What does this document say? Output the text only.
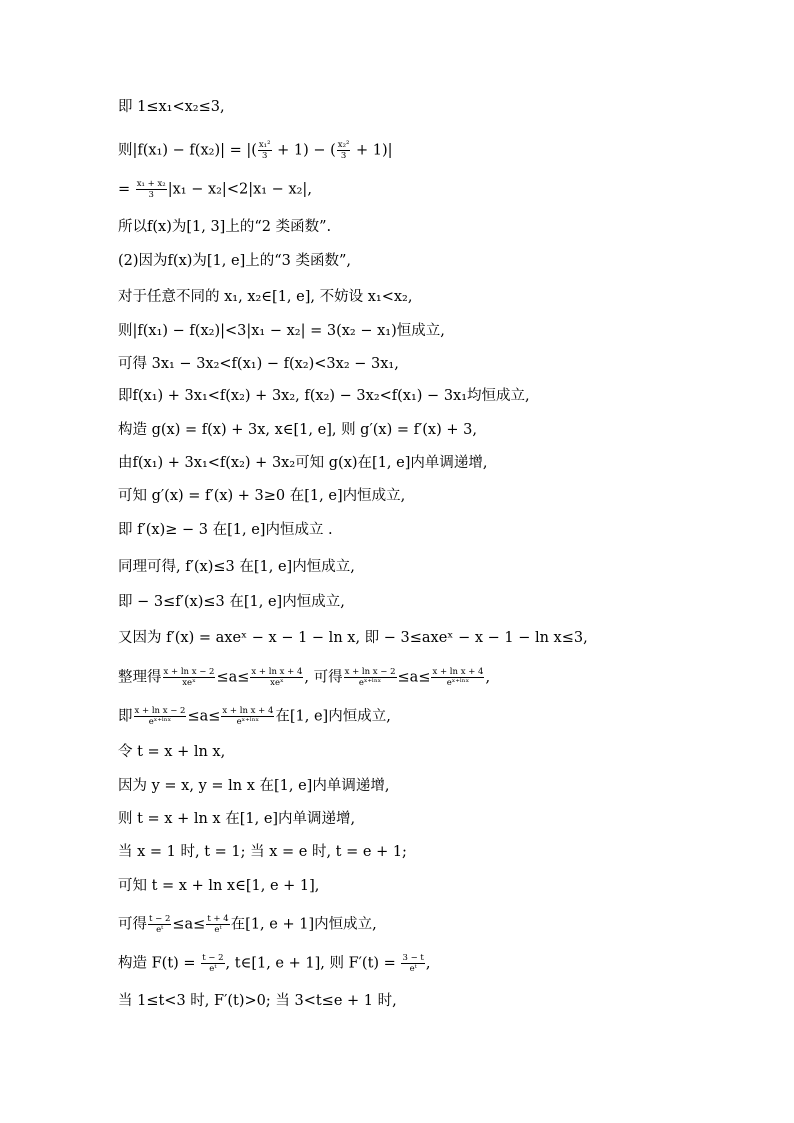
即 1≤x₁<x₂≤3,
则|f(x₁) − f(x₂)| = |( $\frac{\text{x₁²}}{3} + 1$) − ( $\frac{\text{x₂²}}{3} + 1)|$
= $\frac{\text{x₁ + x₂}}{3} |x_1 - x_2|<2|x_1 - x_2|$,
所以f(x)为[1, 3]上的“2 类函数”.
(2)因为f(x)为[1, e]上的“3 类函数”,
对于任意不同的 x₁, x₂∈[1, e], 不妨设 x₁<x₂,
则|f(x₁) − f(x₂)|<3|x₁ − x₂| = 3(x₂ − x₁)恒成立,
可得 3x₁ − 3x₂<f(x₁) − f(x₂)<3x₂ − 3x₁,
即f(x₁) + 3x₁<f(x₂) + 3x₂, f(x₂) − 3x₂<f(x₁) − 3x₁均恒成立,
构造 g(x) = f(x) + 3x, x∈[1, e], 则 g′(x) = f′(x) + 3,
由f(x₁) + 3x₁<f(x₂) + 3x₂可知 g(x)在[1, e]内单调递增,
可知 g′(x) = f′(x) + 3≥0 在[1, e]内恒成立,
即 f′(x)≥ − 3 在[1, e]内恒成立 .
同理可得, f′(x)≤3 在[1, e]内恒成立,
即 − 3≤f′(x)≤3 在[1, e]内恒成立,
又因为 f′(x) = axeˣ − x − 1 − ln x, 即 − 3≤axeˣ − x − 1 − ln x≤3,
整理得 $\frac{\text{x + ln x − 2}}{\text{xeˣ}} \le a\le \frac{\text{x + ln x + 4}}{\text{xeˣ}}$ , 可得 $\frac{\text{x + ln x − 2}}{\text{eˣ⁺ˡⁿˣ}} \le a\le \frac{\text{x + ln x + 4}}{\text{eˣ⁺ˡⁿˣ}}$ ,
即 $\frac{\text{x + ln x − 2}}{\text{eˣ⁺ˡⁿˣ}} \le a\le \frac{\text{x + ln x + 4}}{\text{eˣ⁺ˡⁿˣ}}$ 在[1, e]内恒成立,
令 t = x + ln x,
因为 y = x, y = ln x 在[1, e]内单调递增,
则 t = x + ln x 在[1, e]内单调递增,
当 x = 1 时, t = 1; 当 x = e 时, t = e + 1;
可知 t = x + ln x∈[1, e + 1],
可得 $\frac{t - 2}{\text{eᵗ}} \le a\le \frac{t + 4}{\text{eᵗ}}$ 在[1, e + 1]内恒成立,
构造 $F(t) = \frac{t - 2}{\text{eᵗ}}$ , t∈[1, e + 1], 则 $F'(t) = \frac{3 - t}{\text{eᵗ}}$ ,
当 1≤t<3 时, F′(t)>0; 当 3<t≤e + 1 时,
